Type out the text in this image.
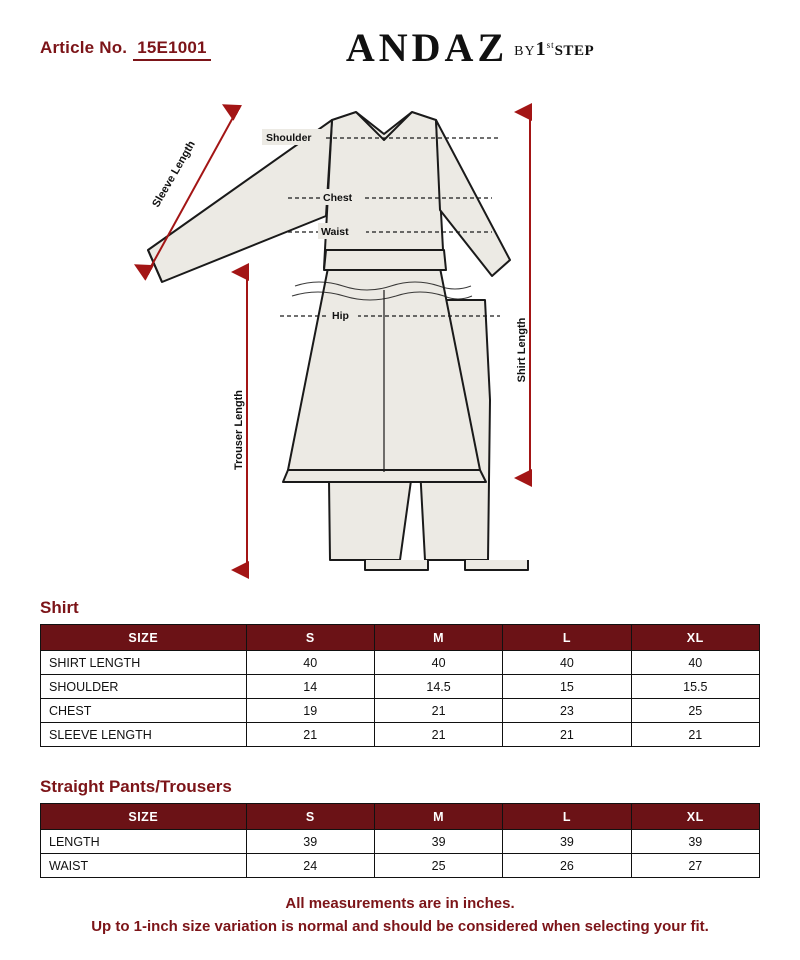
Article No. 15E1001	ANDAZ BY1stSTEP
Shoulder
Chest
Waist
Hip
Sleeve Length
Shirt Length
Trouser Length
Shirt
SIZE	S	M	L	XL
SHIRT LENGTH	40	40	40	40
SHOULDER	14	14.5	15	15.5
CHEST	19	21	23	25
SLEEVE LENGTH	21	21	21	21
Straight Pants/Trousers
SIZE	S	M	L	XL
LENGTH	39	39	39	39
WAIST	24	25	26	27
All measurements are in inches.
Up to 1-inch size variation is normal and should be considered when selecting your fit.
